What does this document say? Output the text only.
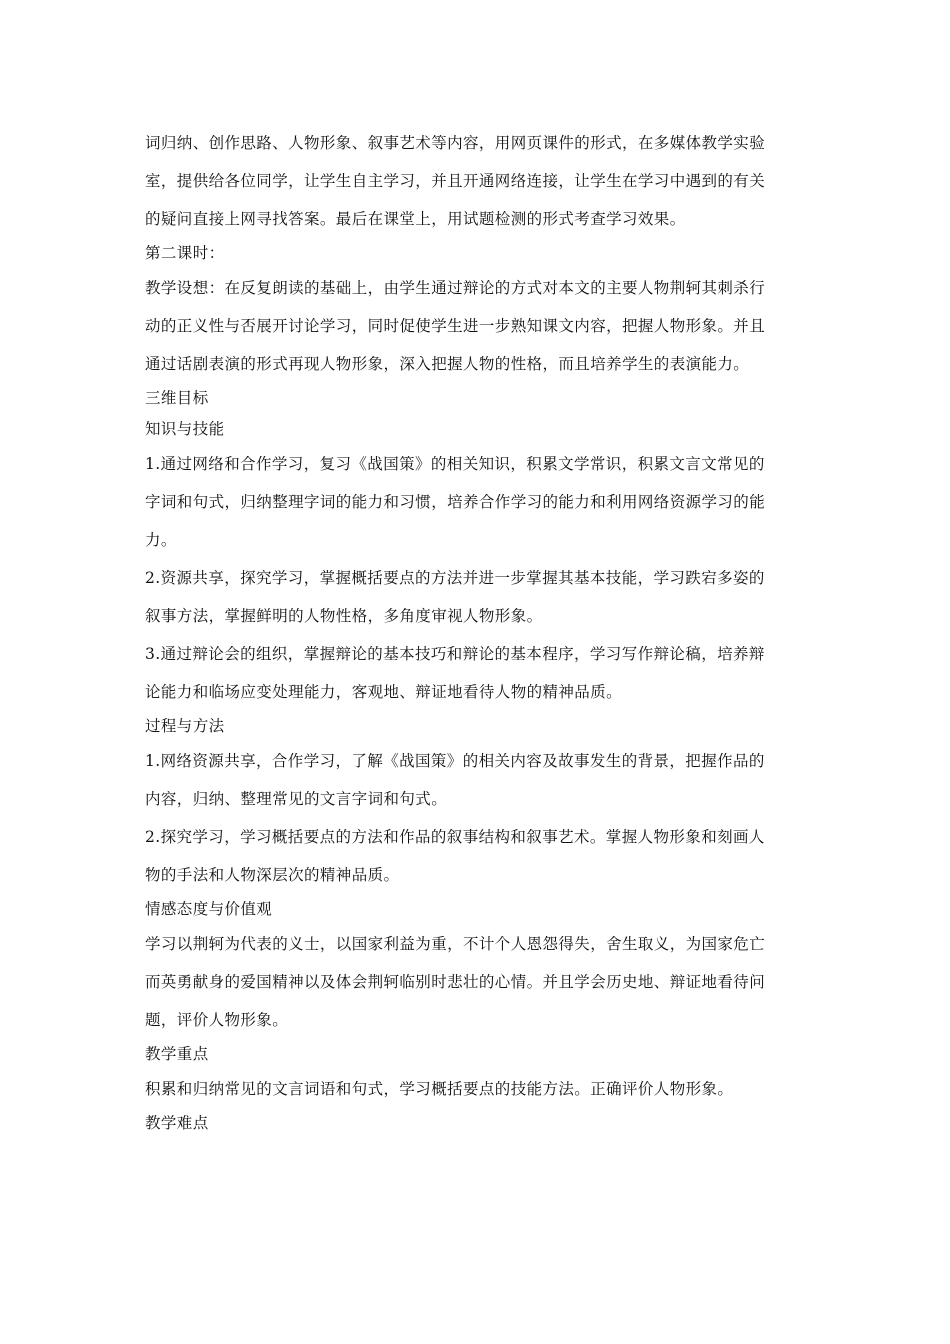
词归纳、创作思路、人物形象、叙事艺术等内容，用网页课件的形式，在多媒体教学实验
室，提供给各位同学，让学生自主学习，并且开通网络连接，让学生在学习中遇到的有关
的疑问直接上网寻找答案。最后在课堂上，用试题检测的形式考查学习效果。
第二课时：
教学设想：在反复朗读的基础上，由学生通过辩论的方式对本文的主要人物荆轲其刺杀行
动的正义性与否展开讨论学习，同时促使学生进一步熟知课文内容，把握人物形象。并且
通过话剧表演的形式再现人物形象，深入把握人物的性格，而且培养学生的表演能力。
三维目标
知识与技能
1.通过网络和合作学习，复习《战国策》的相关知识，积累文学常识，积累文言文常见的
字词和句式，归纳整理字词的能力和习惯，培养合作学习的能力和利用网络资源学习的能
力。
2.资源共享，探究学习，掌握概括要点的方法并进一步掌握其基本技能，学习跌宕多姿的
叙事方法，掌握鲜明的人物性格，多角度审视人物形象。
3.通过辩论会的组织，掌握辩论的基本技巧和辩论的基本程序，学习写作辩论稿，培养辩
论能力和临场应变处理能力，客观地、辩证地看待人物的精神品质。
过程与方法
1.网络资源共享，合作学习，了解《战国策》的相关内容及故事发生的背景，把握作品的
内容，归纳、整理常见的文言字词和句式。
2.探究学习，学习概括要点的方法和作品的叙事结构和叙事艺术。掌握人物形象和刻画人
物的手法和人物深层次的精神品质。
情感态度与价值观
学习以荆轲为代表的义士，以国家利益为重，不计个人恩怨得失，舍生取义，为国家危亡
而英勇献身的爱国精神以及体会荆轲临别时悲壮的心情。并且学会历史地、辩证地看待问
题，评价人物形象。
教学重点
积累和归纳常见的文言词语和句式，学习概括要点的技能方法。正确评价人物形象。
教学难点
